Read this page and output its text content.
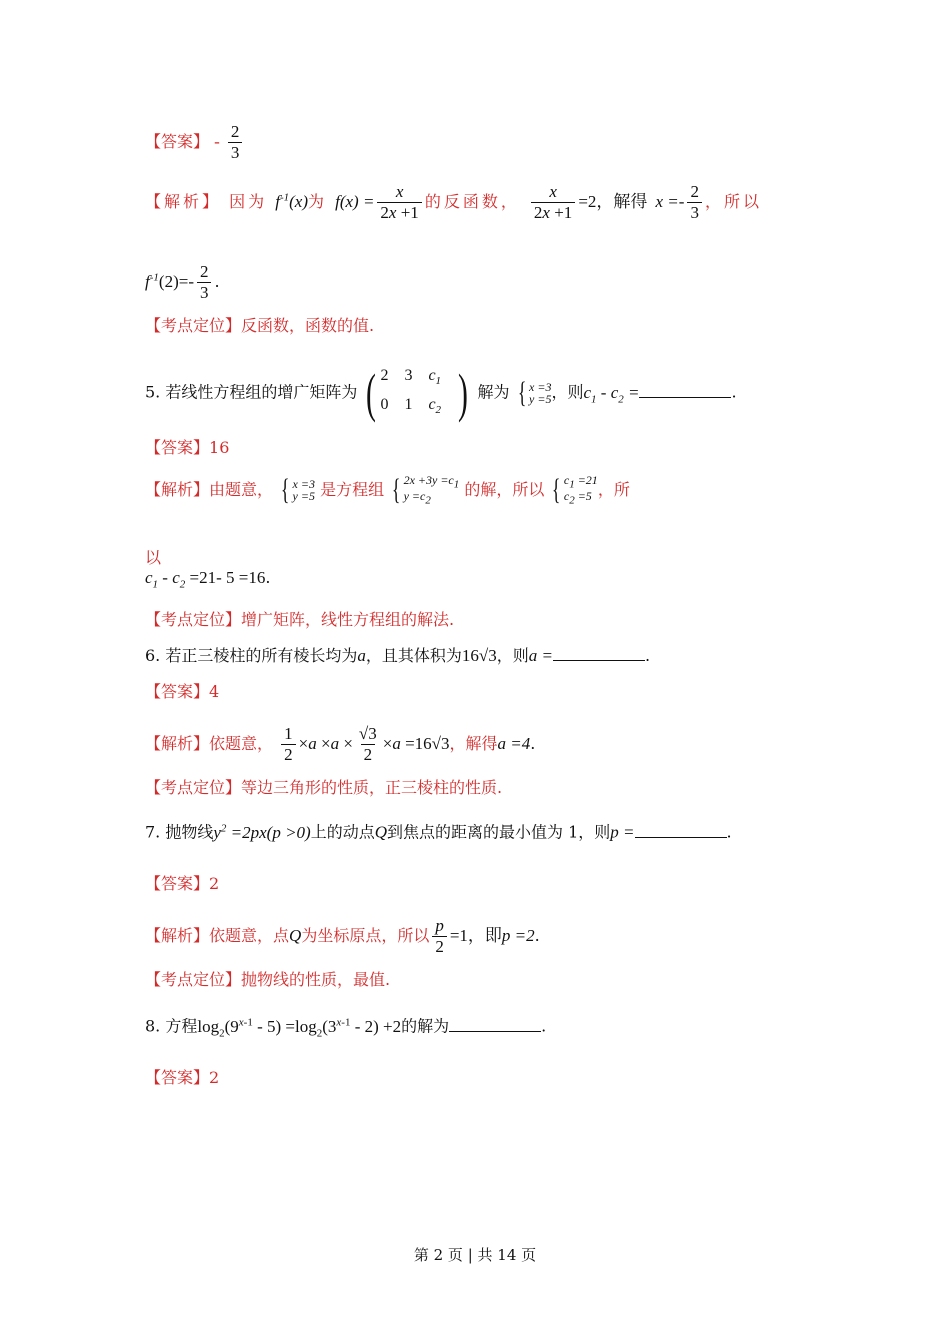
【答案】 - $\frac{2}{3}$
【解析】 因为 $f^{-1}(x)$为 $f(x) = \frac{x}{2x +1}$ 的反函数， $\frac{x}{2x +1} =2$，解得 $x =- \frac{2}{3}$ ，所以
$f^{-1}(2)=- \frac{2}{3}$ .
【考点定位】反函数，函数的值.
5. 若线性方程组的增广矩阵为 ( 2	3	$c_1$
0	1	$c_2$ ) 解为 { x =3
y =5 ，则$c_1 - c_2$ =	.
【答案】16
【解析】由题意， { x =3
y =5 是方程组 { $2x +3y =c_1$
$y =c_2$
的解，所以 { $c_1 =21$
$c_2 =5$ ，所
以
$c_1 - c_2 =21-$ 5 =16.
【考点定位】增广矩阵，线性方程组的解法.
6. 若正三棱柱的所有棱长均为a，且其体积为16√3，则a =	.
【答案】4
【解析】依题意， $\frac{1}{2} \times a \times a \times \frac{√3}{2} \times a =16√3$，解得a =4.
【考点定位】等边三角形的性质，正三棱柱的性质.
7. 抛物线$y^2 =2px(p >0)$上的动点Q到焦点的距离的最小值为 1，则p =	.
【答案】2
【解析】依题意，点Q为坐标原点，所以 $\frac{p}{2} =1$，即p =2.
【考点定位】抛物线的性质，最值.
8. 方程$\log_2(9^{x-1} - 5) =\log_2(3^{x-1} - 2) +2$的解为	.
【答案】2
第 2 页 | 共 14 页
